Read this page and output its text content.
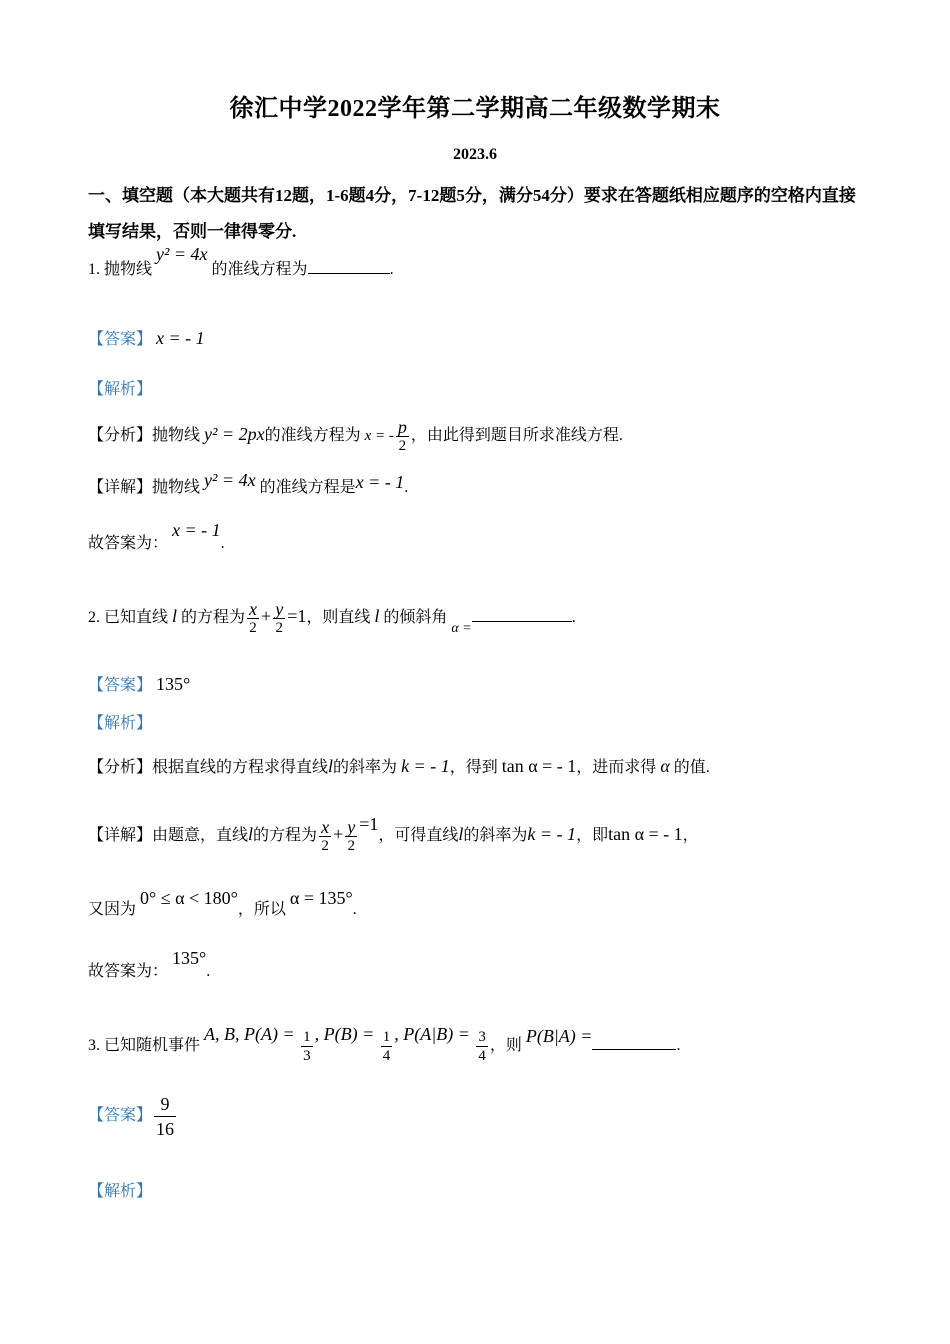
徐汇中学2022学年第二学期高二年级数学期末
2023.6
一、填空题（本大题共有12题，1-6题4分，7-12题5分，满分54分）要求在答题纸相应题序的空格内直接填写结果，否则一律得零分.
1. 抛物线 y² = 4x 的准线方程为	.
【答案】 x = - 1
【解析】
【分析】抛物线 y² = 2px的准线方程为 x = - $\frac{p}{2}$ ，由此得到题目所求准线方程.
【详解】抛物线 y² = 4x 的准线方程是x = - 1.
故答案为： x = - 1.
2. 已知直线 l 的方程为 $\frac{x}{2} + \frac{y}{2} =1$，则直线 l 的倾斜角 α =.
【答案】 135°
【解析】
【分析】根据直线的方程求得直线l的斜率为 k = - 1，得到 tan α = - 1，进而求得 α 的值.
【详解】由题意，直线l的方程为 $\frac{x}{2} + \frac{y}{2} =1$，可得直线l的斜率为k = - 1，即tan α = - 1，
又因为 0° ≤ α < 180°，所以 α = 135°.
故答案为： 135°.
3. 已知随机事件 A, B, $P(A) = \frac{1}{3}$ , $P(B) = \frac{1}{4}$ , $P(A|B) = \frac{3}{4}$ ，则 P(B|A) =	.
【答案】 $\frac{9}{16}$
【解析】
